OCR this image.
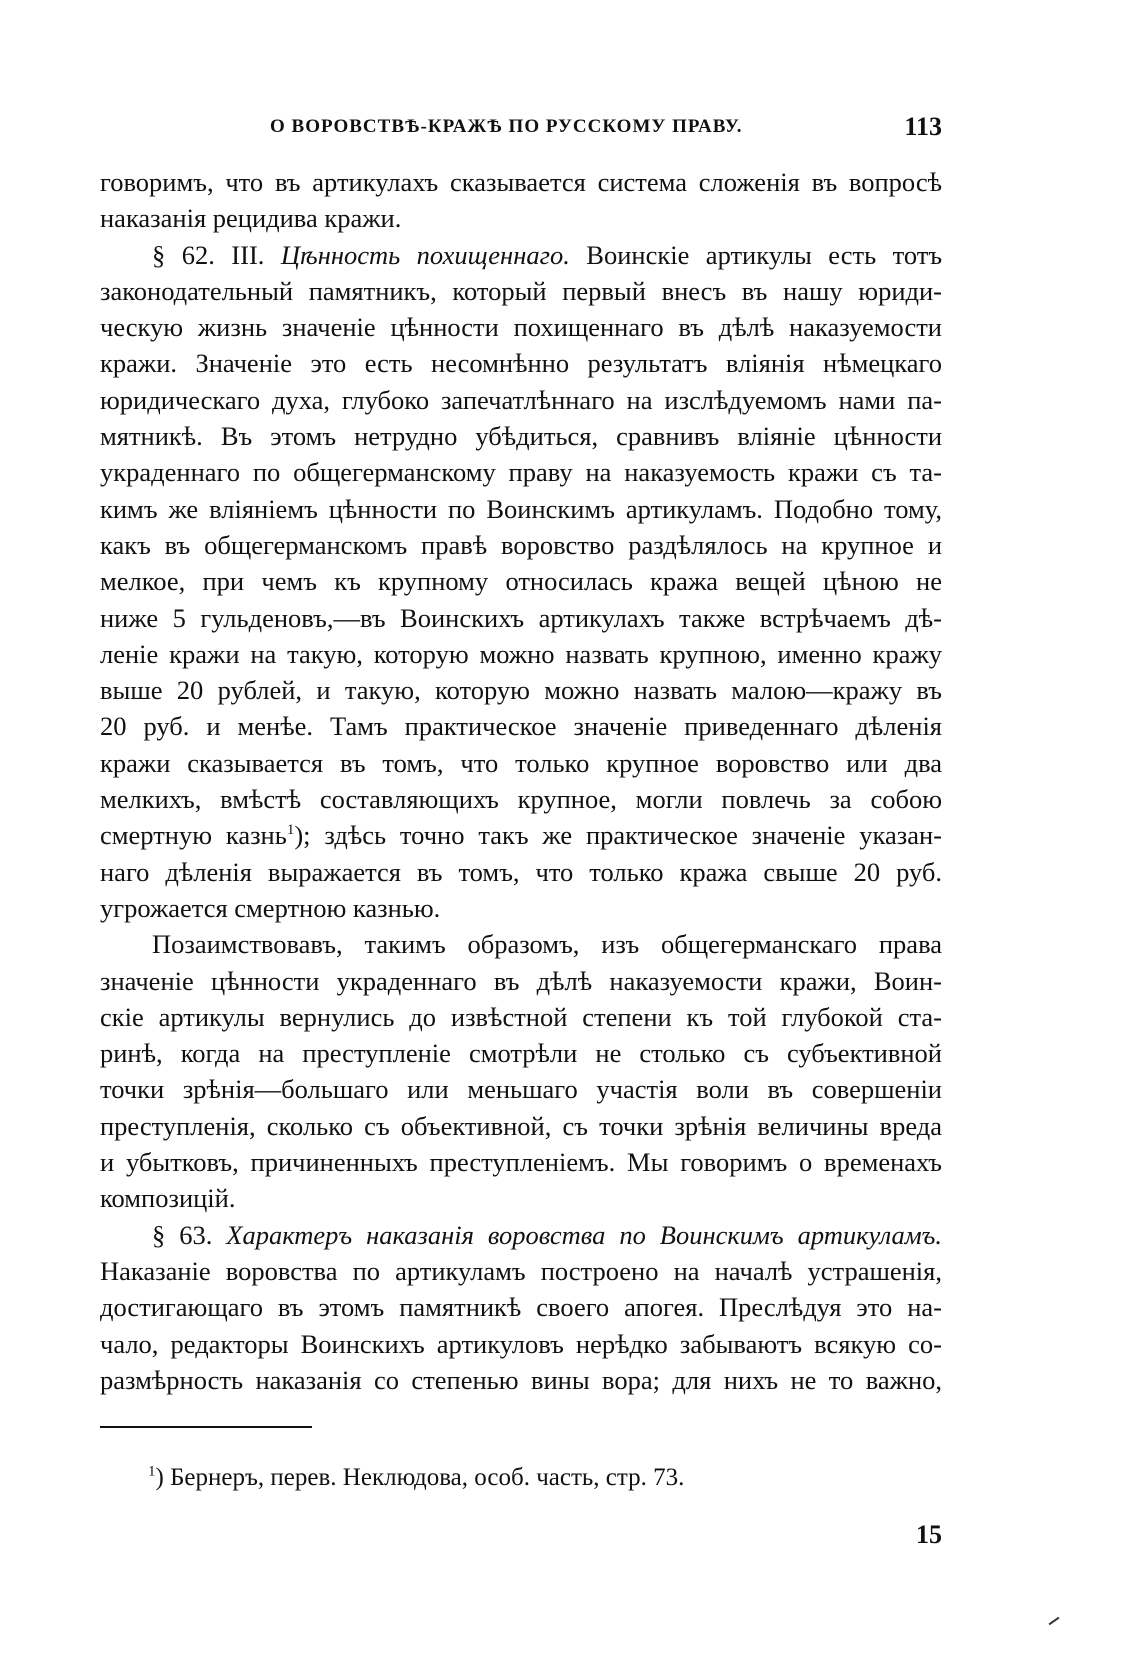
О ВОРОВСТВѢ-КРАЖѢ ПО РУССКОМУ ПРАВУ.	113
говоримъ, что въ артикулахъ сказывается система сложенія въ вопросѣ
наказанія рецидива кражи.
§ 62. III. Цѣнность похищеннаго. Воинскіе артикулы есть тотъ
законодательный памятникъ, который первый внесъ въ нашу юриди-
ческую жизнь значеніе цѣнности похищеннаго въ дѣлѣ наказуемости
кражи. Значеніе это есть несомнѣнно результатъ вліянія нѣмецкаго
юридическаго духа, глубоко запечатлѣннаго на изслѣдуемомъ нами па-
мятникѣ. Въ этомъ нетрудно убѣдиться, сравнивъ вліяніе цѣнности
украденнаго по общегерманскому праву на наказуемость кражи съ та-
кимъ же вліяніемъ цѣнности по Воинскимъ артикуламъ. Подобно тому,
какъ въ общегерманскомъ правѣ воровство раздѣлялось на крупное и
мелкое, при чемъ къ крупному относилась кража вещей цѣною не
ниже 5 гульденовъ,—въ Воинскихъ артикулахъ также встрѣчаемъ дѣ-
леніе кражи на такую, которую можно назвать крупною, именно кражу
выше 20 рублей, и такую, которую можно назвать малою—кражу въ
20 руб. и менѣе. Тамъ практическое значеніе приведеннаго дѣленія
кражи сказывается въ томъ, что только крупное воровство или два
мелкихъ, вмѣстѣ составляющихъ крупное, могли повлечь за собою
смертную казнь$^1$); здѣсь точно такъ же практическое значеніе указан-
наго дѣленія выражается въ томъ, что только кража свыше 20 руб.
угрожается смертною казнью.
Позаимствовавъ, такимъ образомъ, изъ общегерманскаго права
значеніе цѣнности украденнаго въ дѣлѣ наказуемости кражи, Воин-
скіе артикулы вернулись до извѣстной степени къ той глубокой ста-
ринѣ, когда на преступленіе смотрѣли не столько съ субъективной
точки зрѣнія—большаго или меньшаго участія воли въ совершеніи
преступленія, сколько съ объективной, съ точки зрѣнія величины вреда
и убытковъ, причиненныхъ преступленіемъ. Мы говоримъ о временахъ
композицій.
§ 63. Характеръ наказанія воровства по Воинскимъ артикуламъ.
Наказаніе воровства по артикуламъ построено на началѣ устрашенія,
достигающаго въ этомъ памятникѣ своего апогея. Преслѣдуя это на-
чало, редакторы Воинскихъ артикуловъ нерѣдко забываютъ всякую со-
размѣрность наказанія со степенью вины вора; для нихъ не то важно,
$^1$) Бернеръ, перев. Неклюдова, особ. часть, стр. 73.
15
